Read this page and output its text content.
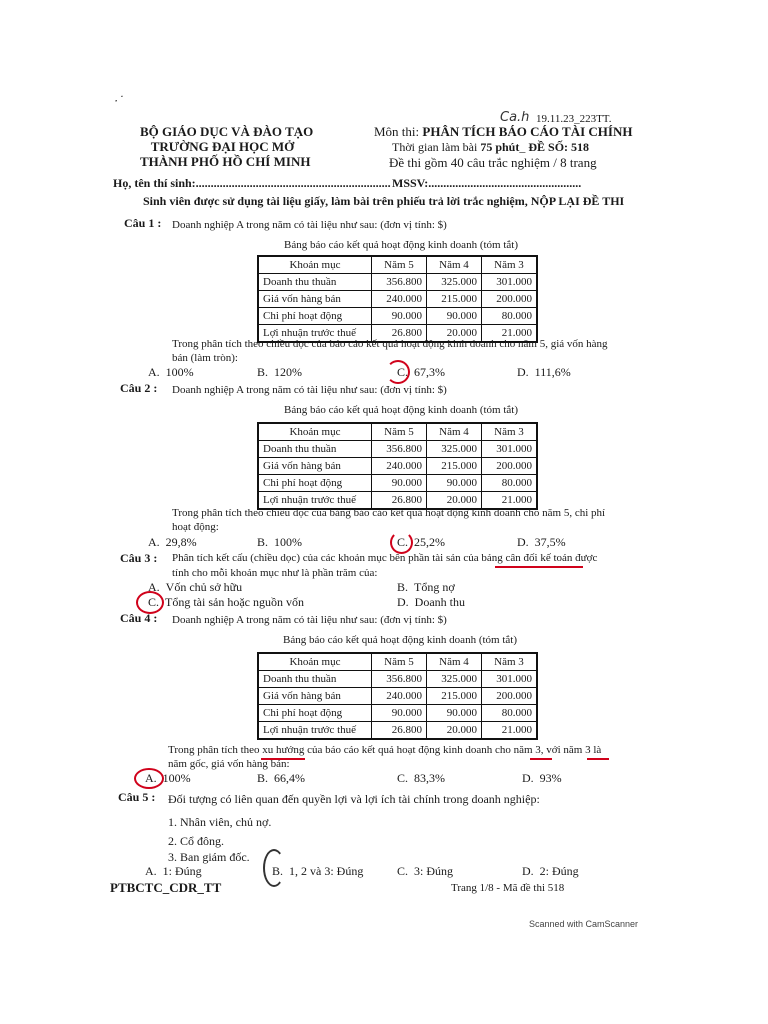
·˙
BỘ GIÁO DỤC VÀ ĐÀO TẠO
TRƯỜNG ĐẠI HỌC MỞ
THÀNH PHỐ HỒ CHÍ MINH
Ca.h 19.11.23_223TT.
Môn thi: PHÂN TÍCH BÁO CÁO TÀI CHÍNH
Thời gian làm bài 75 phút_ ĐỀ SỐ: 518
Đề thi gồm 40 câu trắc nghiệm / 8 trang
Họ, tên thí sinh:................................................................. MSSV:...................................................
Sinh viên được sử dụng tài liệu giấy, làm bài trên phiếu trả lời trắc nghiệm, NỘP LẠI ĐỀ THI
Câu 1 : Doanh nghiệp A trong năm có tài liệu như sau: (đơn vị tính: $)
Bảng báo cáo kết quả hoạt động kinh doanh (tóm tắt)
Khoản mục	Năm 5	Năm 4	Năm 3
Doanh thu thuần	356.800	325.000	301.000
Giá vốn hàng bán	240.000	215.000	200.000
Chi phí hoạt động	90.000	90.000	80.000
Lợi nhuận trước thuế	26.800	20.000	21.000
Trong phân tích theo chiều dọc của báo cáo kết quả hoạt động kinh doanh cho năm 5, giá vốn hàng
bán (làm tròn):
A. 100%	B. 120%	C. 67,3%	D. 111,6%
Câu 2 : Doanh nghiệp A trong năm có tài liệu như sau: (đơn vị tính: $)
Bảng báo cáo kết quả hoạt động kinh doanh (tóm tắt)
Khoản mục	Năm 5	Năm 4	Năm 3
Doanh thu thuần	356.800	325.000	301.000
Giá vốn hàng bán	240.000	215.000	200.000
Chi phí hoạt động	90.000	90.000	80.000
Lợi nhuận trước thuế	26.800	20.000	21.000
Trong phân tích theo chiều dọc của bảng báo cáo kết quả hoạt động kinh doanh cho năm 5, chi phí
hoạt động:
A. 29,8%	B. 100%	C. 25,2%	D. 37,5%
Câu 3 : Phân tích kết cấu (chiều dọc) của các khoản mục bên phần tài sản của bảng cân đối kế toán được
tính cho mỗi khoản mục như là phần trăm của:
A. Vốn chủ sở hữu	B. Tổng nợ
C. Tổng tài sản hoặc nguồn vốn	D. Doanh thu
Câu 4 : Doanh nghiệp A trong năm có tài liệu như sau: (đơn vị tính: $)
Bảng báo cáo kết quả hoạt động kinh doanh (tóm tắt)
Khoản mục	Năm 5	Năm 4	Năm 3
Doanh thu thuần	356.800	325.000	301.000
Giá vốn hàng bán	240.000	215.000	200.000
Chi phí hoạt động	90.000	90.000	80.000
Lợi nhuận trước thuế	26.800	20.000	21.000
Trong phân tích theo xu hướng của báo cáo kết quả hoạt động kinh doanh cho năm 3, với năm 3 là
năm gốc, giá vốn hàng bán:
A. 100%	B. 66,4%	C. 83,3%	D. 93%
Câu 5 : Đối tượng có liên quan đến quyền lợi và lợi ích tài chính trong doanh nghiệp:
1. Nhân viên, chủ nợ.
2. Cổ đông.
3. Ban giám đốc.
A. 1: Đúng	B. 1, 2 và 3: Đúng	C. 3: Đúng	D. 2: Đúng
PTBCTC_CDR_TT	Trang 1/8 - Mã đề thi 518
Scanned with CamScanner
